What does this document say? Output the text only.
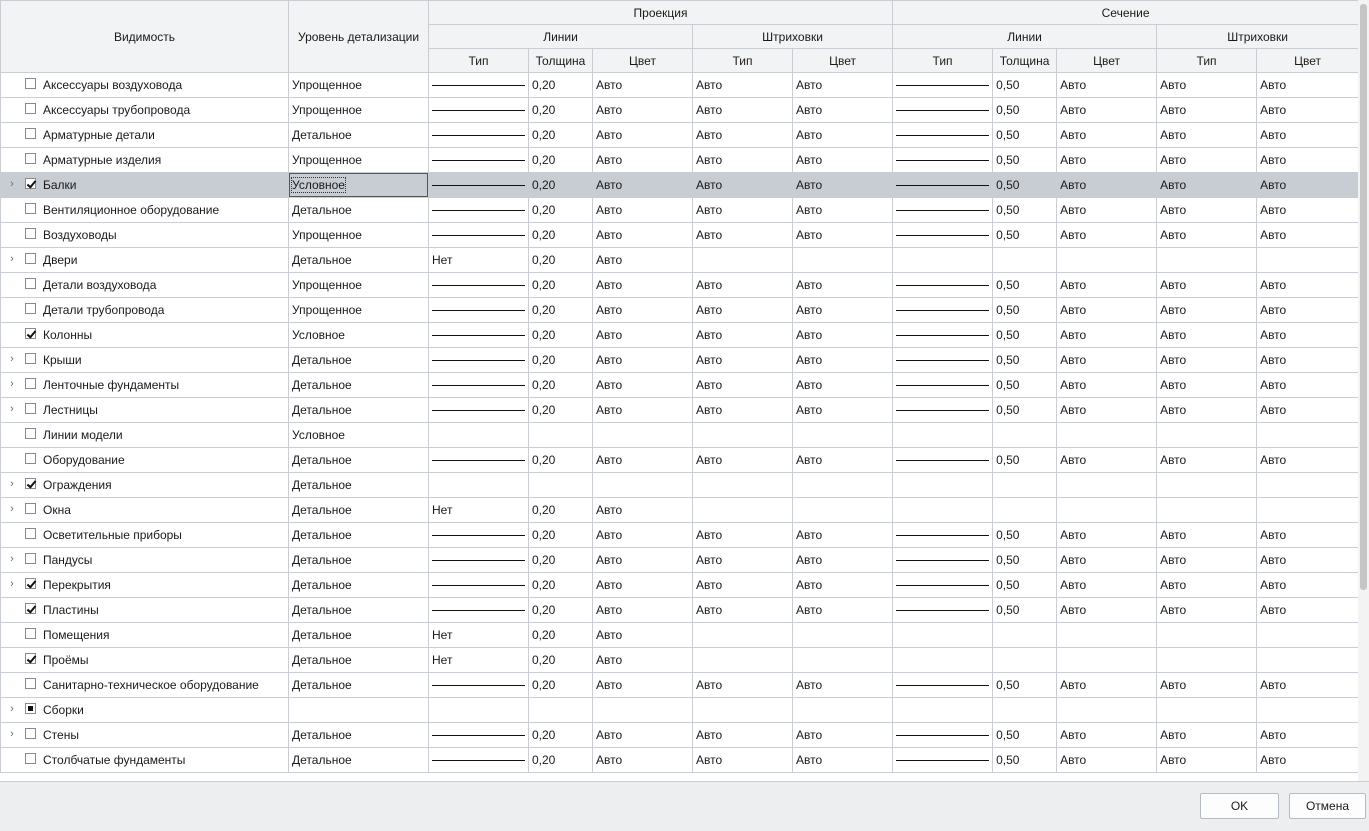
Видимость	Уровень детализации	Проекция					Сечение				
		Линии			Штриховки		Линии			Штриховки	
		Тип	Толщина	Цвет	Тип	Цвет	Тип	Толщина	Цвет	Тип	Цвет

Аксессуары воздуховода	Упрощенное		0,20	Авто	Авто	Авто		0,50	Авто	Авто	Авто

Аксессуары трубопровода	Упрощенное		0,20	Авто	Авто	Авто		0,50	Авто	Авто	Авто

Арматурные детали	Детальное		0,20	Авто	Авто	Авто		0,50	Авто	Авто	Авто

Арматурные изделия	Упрощенное		0,20	Авто	Авто	Авто		0,50	Авто	Авто	Авто

› Балки	Условное		0,20	Авто	Авто	Авто		0,50	Авто	Авто	Авто

Вентиляционное оборудование	Детальное		0,20	Авто	Авто	Авто		0,50	Авто	Авто	Авто

Воздуховоды	Упрощенное		0,20	Авто	Авто	Авто		0,50	Авто	Авто	Авто

› Двери	Детальное	Нет	0,20	Авто							

Детали воздуховода	Упрощенное		0,20	Авто	Авто	Авто		0,50	Авто	Авто	Авто

Детали трубопровода	Упрощенное		0,20	Авто	Авто	Авто		0,50	Авто	Авто	Авто

Колонны	Условное		0,20	Авто	Авто	Авто		0,50	Авто	Авто	Авто

› Крыши	Детальное		0,20	Авто	Авто	Авто		0,50	Авто	Авто	Авто

› Ленточные фундаменты	Детальное		0,20	Авто	Авто	Авто		0,50	Авто	Авто	Авто

› Лестницы	Детальное		0,20	Авто	Авто	Авто		0,50	Авто	Авто	Авто

Линии модели	Условное										

Оборудование	Детальное		0,20	Авто	Авто	Авто		0,50	Авто	Авто	Авто

› Ограждения	Детальное										

› Окна	Детальное	Нет	0,20	Авто							

Осветительные приборы	Детальное		0,20	Авто	Авто	Авто		0,50	Авто	Авто	Авто

› Пандусы	Детальное		0,20	Авто	Авто	Авто		0,50	Авто	Авто	Авто

› Перекрытия	Детальное		0,20	Авто	Авто	Авто		0,50	Авто	Авто	Авто

Пластины	Детальное		0,20	Авто	Авто	Авто		0,50	Авто	Авто	Авто

Помещения	Детальное	Нет	0,20	Авто							

Проёмы	Детальное	Нет	0,20	Авто							

Санитарно-техническое оборудование	Детальное		0,20	Авто	Авто	Авто		0,50	Авто	Авто	Авто

› Сборки											

› Стены	Детальное		0,20	Авто	Авто	Авто		0,50	Авто	Авто	Авто

Столбчатые фундаменты	Детальное		0,20	Авто	Авто	Авто		0,50	Авто	Авто	Авто
OK	Отмена
